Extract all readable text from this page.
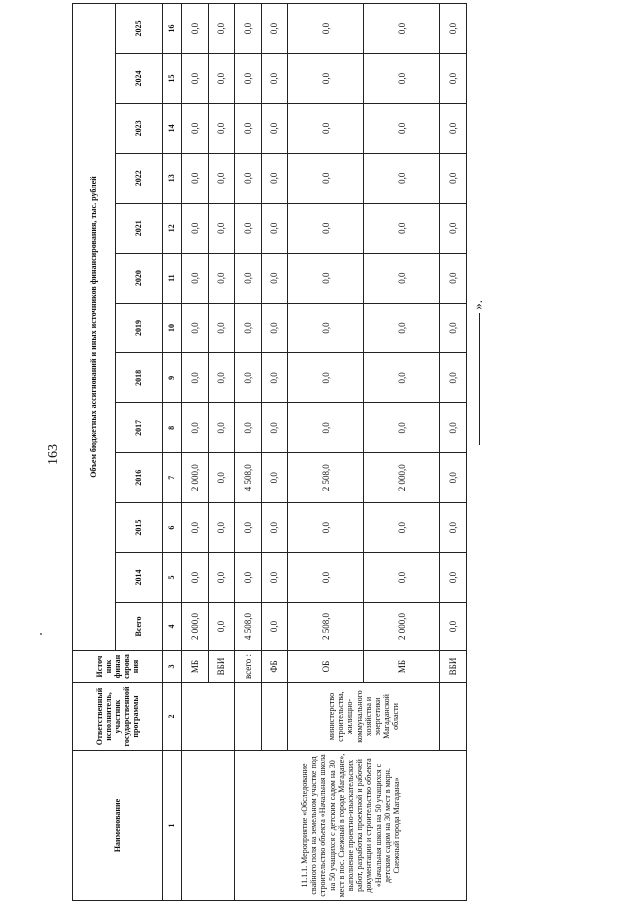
163
Наименование	Ответственный исполнитель, участник государственной программы	Источ ник финан сирова ния	Объем бюджетных ассигнований и иных источников финансирования, тыс. рублей												
			Всего	2014	2015	2016	2017	2018	2019	2020	2021	2022	2023	2024	2025
1	2	3	4	5	6	7	8	9	10	11	12	13	14	15	16
		МБ	2 000,0	0,0	0,0	2 000,0	0,0	0,0	0,0	0,0	0,0	0,0	0,0	0,0	0,0
		ВБИ	0,0	0,0	0,0	0,0	0,0	0,0	0,0	0,0	0,0	0,0	0,0	0,0	0,0
11.1.1. Мероприятие «Обследование свайного поля на земельном участке под строительство объекта «Начальная школа на 50 учащихся с детским садом на 30 мест в пос. Снежный в городе Магадане», выполнение проектно-изыскательских работ, разработка проектной и рабочей документации и строительство объекта «Начальная школа на 50 учащихся с детским садом на 30 мест в мкрн. Снежный города Магадана»		всего :	4 508,0	0,0	0,0	4 508,0	0,0	0,0	0,0	0,0	0,0	0,0	0,0	0,0	0,0
		ФБ	0,0	0,0	0,0	0,0	0,0	0,0	0,0	0,0	0,0	0,0	0,0	0,0	0,0
	министерство строительства, жилищно-коммунального хозяйства и энергетики Магаданской области	ОБ	2 508,0	0,0	0,0	2 508,0	0,0	0,0	0,0	0,0	0,0	0,0	0,0	0,0	0,0
		МБ	2 000,0	0,0	0,0	2 000,0	0,0	0,0	0,0	0,0	0,0	0,0	0,0	0,0	0,0
		ВБИ	0,0	0,0	0,0	0,0	0,0	0,0	0,0	0,0	0,0	0,0	0,0	0,0	0,0
».
